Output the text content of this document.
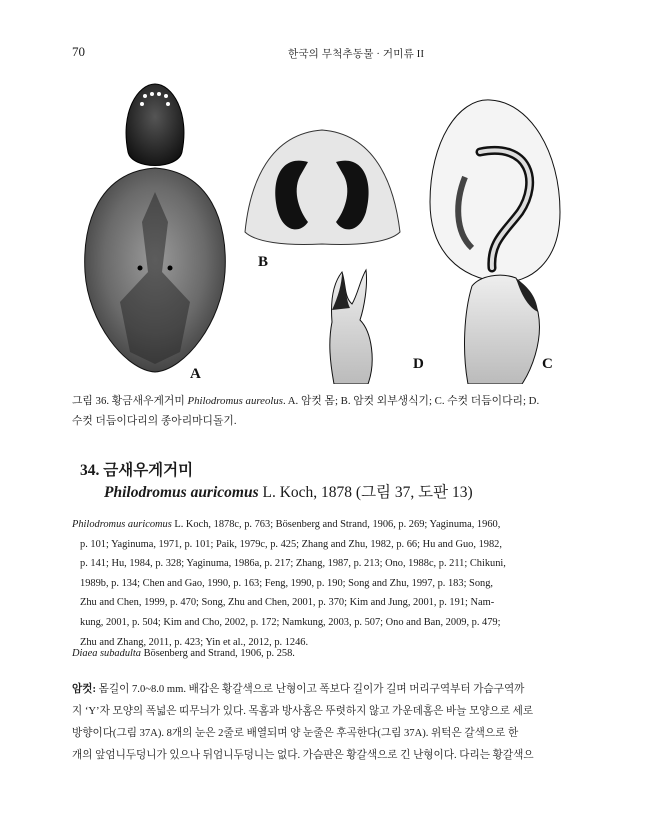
70	한국의 무척추동물 · 거미류 II
A
B
D	C
그림 36. 황금새우게거미 Philodromus aureolus. A. 암컷 몸; B. 암컷 외부생식기; C. 수컷 더듬이다리; D.
수컷 더듬이다리의 종아리마디돌기.
34. 금새우게거미
Philodromus auricomus L. Koch, 1878 (그림 37, 도판 13)
Philodromus auricomus L. Koch, 1878c, p. 763; Bösenberg and Strand, 1906, p. 269; Yaginuma, 1960,
p. 101; Yaginuma, 1971, p. 101; Paik, 1979c, p. 425; Zhang and Zhu, 1982, p. 66; Hu and Guo, 1982,
p. 141; Hu, 1984, p. 328; Yaginuma, 1986a, p. 217; Zhang, 1987, p. 213; Ono, 1988c, p. 211; Chikuni,
1989b, p. 134; Chen and Gao, 1990, p. 163; Feng, 1990, p. 190; Song and Zhu, 1997, p. 183; Song,
Zhu and Chen, 1999, p. 470; Song, Zhu and Chen, 2001, p. 370; Kim and Jung, 2001, p. 191; Nam-
kung, 2001, p. 504; Kim and Cho, 2002, p. 172; Namkung, 2003, p. 507; Ono and Ban, 2009, p. 479;
Zhu and Zhang, 2011, p. 423; Yin et al., 2012, p. 1246.
Diaea subadulta Bösenberg and Strand, 1906, p. 258.
암컷: 몸길이 7.0~8.0 mm. 배갑은 황갈색으로 난형이고 폭보다 길이가 길며 머리구역부터 가슴구역까
지 ‘Y’자 모양의 폭넓은 띠무늬가 있다. 목홈과 방사홈은 뚜렷하지 않고 가운데홈은 바늘 모양으로 세로
방향이다(그림 37A). 8개의 눈은 2줄로 배열되며 양 눈줄은 후곡한다(그림 37A). 위턱은 갈색으로 한
개의 앞엄니두덩니가 있으나 뒤엄니두덩니는 없다. 가슴판은 황갈색으로 긴 난형이다. 다리는 황갈색으
